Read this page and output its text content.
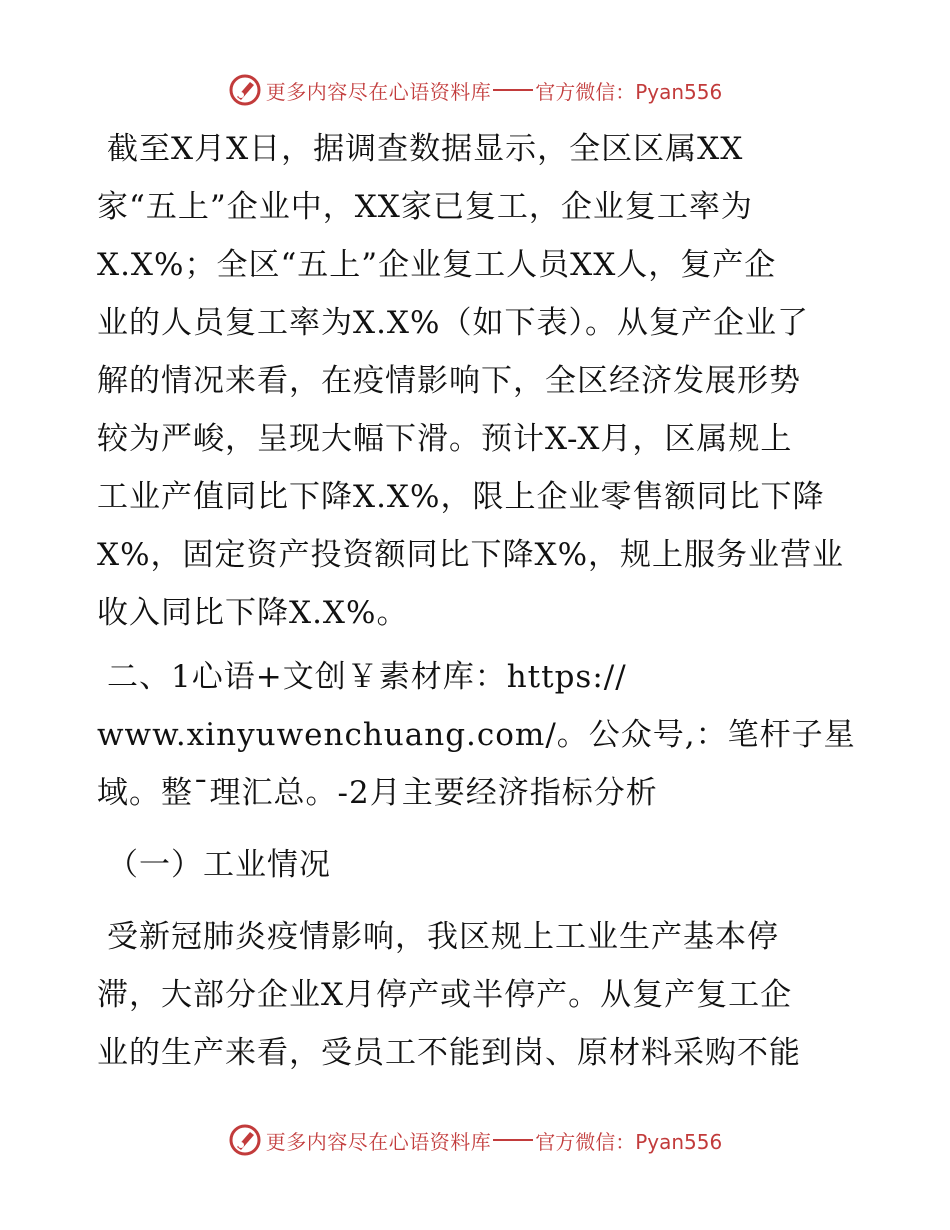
更多内容尽在心语资料库 官方微信：Pyan556
截至X月X日，据调查数据显示，全区区属XX
家“五上”企业中，XX家已复工，企业复工率为
X.X%；全区“五上”企业复工人员XX人，复产企
业的人员复工率为X.X%（如下表）。从复产企业了
解的情况来看，在疫情影响下，全区经济发展形势
较为严峻，呈现大幅下滑。预计X-X月，区属规上
工业产值同比下降X.X%，限上企业零售额同比下降
X%，固定资产投资额同比下降X%，规上服务业营业
收入同比下降X.X%。
二、1心语+文创￥素材库：https://
www.xinyuwenchuang.com/。公众号,：笔杆子星
域。整¯理汇总。-2月主要经济指标分析
（一）工业情况
受新冠肺炎疫情影响，我区规上工业生产基本停
滞，大部分企业X月停产或半停产。从复产复工企
业的生产来看，受员工不能到岗、原材料采购不能
更多内容尽在心语资料库 官方微信：Pyan556
